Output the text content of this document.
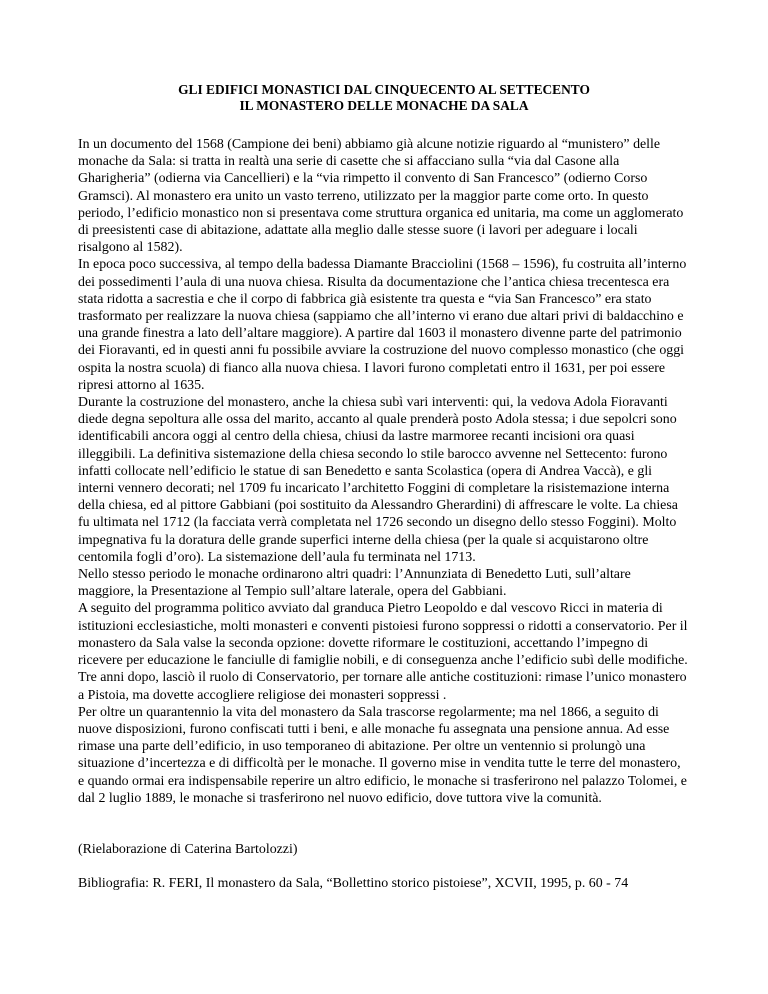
GLI EDIFICI MONASTICI DAL CINQUECENTO AL SETTECENTO
IL MONASTERO DELLE MONACHE DA SALA

In un documento del 1568 (Campione dei beni) abbiamo già alcune notizie riguardo al “munistero” delle monache da Sala: si tratta in realtà una serie di casette che si affacciano sulla “via dal Casone alla Gharigheria” (odierna via Cancellieri) e la “via rimpetto il convento di San Francesco” (odierno Corso Gramsci). Al monastero era unito un vasto terreno, utilizzato per la maggior parte come orto. In questo periodo, l’edificio monastico non si presentava come struttura organica ed unitaria, ma come un agglomerato di preesistenti case di abitazione, adattate alla meglio dalle stesse suore (i lavori per adeguare i locali risalgono al 1582).

In epoca poco successiva, al tempo della badessa Diamante Bracciolini (1568 – 1596), fu costruita all’interno dei possedimenti l’aula di una nuova chiesa. Risulta da documentazione che l’antica chiesa trecentesca era stata ridotta a sacrestia e che il corpo di fabbrica già esistente tra questa e “via San Francesco” era stato trasformato per realizzare la nuova chiesa (sappiamo che all’interno vi erano due altari privi di baldacchino e una grande finestra a lato dell’altare maggiore). A partire dal 1603 il monastero divenne parte del patrimonio dei Fioravanti, ed in questi anni fu possibile avviare la costruzione del nuovo complesso monastico (che oggi ospita la nostra scuola) di fianco alla nuova chiesa. I lavori furono completati entro il 1631, per poi essere ripresi attorno al 1635.

Durante la costruzione del monastero, anche la chiesa subì vari interventi: qui, la vedova Adola Fioravanti diede degna sepoltura alle ossa del marito, accanto al quale prenderà posto Adola stessa; i due sepolcri sono identificabili ancora oggi al centro della chiesa, chiusi da lastre marmoree recanti incisioni ora quasi illeggibili. La definitiva sistemazione della chiesa secondo lo stile barocco avvenne nel Settecento: furono infatti collocate nell’edificio le statue di san Benedetto e santa Scolastica (opera di Andrea Vaccà), e gli interni vennero decorati; nel 1709 fu incaricato l’architetto Foggini di completare la risistemazione interna della chiesa, ed al pittore Gabbiani (poi sostituito da Alessandro Gherardini) di affrescare le volte. La chiesa fu ultimata nel 1712 (la facciata verrà completata nel 1726 secondo un disegno dello stesso Foggini). Molto impegnativa fu la doratura delle grande superfici interne della chiesa (per la quale si acquistarono oltre centomila fogli d’oro). La sistemazione dell’aula fu terminata nel 1713.

Nello stesso periodo le monache ordinarono altri quadri: l’Annunziata di Benedetto Luti, sull’altare maggiore, la Presentazione al Tempio sull’altare laterale, opera del Gabbiani.

A seguito del programma politico avviato dal granduca Pietro Leopoldo e dal vescovo Ricci in materia di istituzioni ecclesiastiche, molti monasteri e conventi pistoiesi furono soppressi o ridotti a conservatorio. Per il monastero da Sala valse la seconda opzione: dovette riformare le costituzioni, accettando l’impegno di ricevere per educazione le fanciulle di famiglie nobili, e di conseguenza anche l’edificio subì delle modifiche. Tre anni dopo, lasciò il ruolo di Conservatorio, per tornare alle antiche costituzioni: rimase l’unico monastero a Pistoia, ma dovette accogliere religiose dei monasteri soppressi .

Per oltre un quarantennio la vita del monastero da Sala trascorse regolarmente; ma nel 1866, a seguito di nuove disposizioni, furono confiscati tutti i beni, e alle monache fu assegnata una pensione annua. Ad esse rimase una parte dell’edificio, in uso temporaneo di abitazione. Per oltre un ventennio si prolungò una situazione d’incertezza e di difficoltà per le monache. Il governo mise in vendita tutte le terre del monastero, e quando ormai era indispensabile reperire un altro edificio, le monache si trasferirono nel palazzo Tolomei, e dal 2 luglio 1889, le monache si trasferirono nel nuovo edificio, dove tuttora vive la comunità.

(Rielaborazione di Caterina Bartolozzi)

Bibliografia: R. FERI, Il monastero da Sala, “Bollettino storico pistoiese”, XCVII, 1995, p. 60 - 74
